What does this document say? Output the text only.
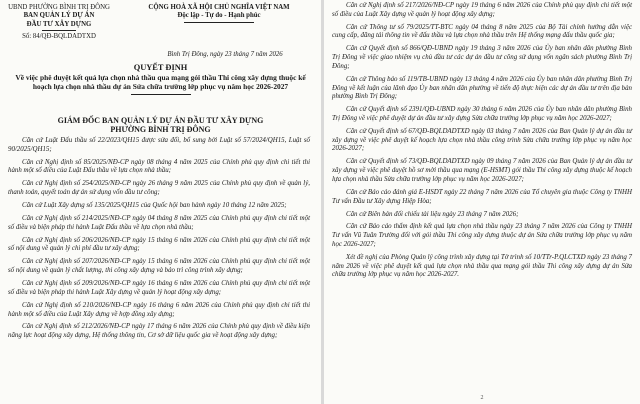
UBND PHƯỜNG BÌNH TRỊ ĐÔNG
BAN QUẢN LÝ DỰ ÁN
ĐẦU TƯ XÂY DỰNG
Số: 84/QĐ-BQLDADTXD
CỘNG HOÀ XÃ HỘI CHỦ NGHĨA VIỆT NAM
Độc lập - Tự do - Hạnh phúc
Bình Trị Đông, ngày 23 tháng 7 năm 2026
QUYẾT ĐỊNH
Về việc phê duyệt kết quả lựa chọn nhà thầu qua mạng gói thầu Thi công xây dựng thuộc kế hoạch lựa chọn nhà thầu dự án Sửa chữa trường lớp phục vụ năm học 2026-2027
GIÁM ĐỐC BAN QUẢN LÝ DỰ ÁN ĐẦU TƯ XÂY DỰNG
PHƯỜNG BÌNH TRỊ ĐÔNG

Căn cứ Luật Đấu thầu số 22/2023/QH15 được sửa đổi, bổ sung bởi Luật số 57/2024/QH15, Luật số 90/2025/QH15;

Căn cứ Nghị định số 85/2025/NĐ-CP ngày 08 tháng 4 năm 2025 của Chính phủ quy định chi tiết thi hành một số điều của Luật Đấu thầu về lựa chọn nhà thầu;

Căn cứ Nghị định số 254/2025/NĐ-CP ngày 26 tháng 9 năm 2025 của Chính phủ quy định về quản lý, thanh toán, quyết toán dự án sử dụng vốn đầu tư công;

Căn cứ Luật Xây dựng số 135/2025/QH15 của Quốc hội ban hành ngày 10 tháng 12 năm 2025;

Căn cứ Nghị định số 214/2025/NĐ-CP ngày 04 tháng 8 năm 2025 của Chính phủ quy định chi tiết một số điều và biện pháp thi hành Luật Đấu thầu về lựa chọn nhà thầu;

Căn cứ Nghị định số 206/2026/NĐ-CP ngày 15 tháng 6 năm 2026 của Chính phủ quy định chi tiết một số nội dung về quản lý chi phí đầu tư xây dựng;

Căn cứ Nghị định số 207/2026/NĐ-CP ngày 15 tháng 6 năm 2026 của Chính phủ quy định chi tiết một số nội dung về quản lý chất lượng, thi công xây dựng và bảo trì công trình xây dựng;

Căn cứ Nghị định số 209/2026/NĐ-CP ngày 16 tháng 6 năm 2026 của Chính phủ quy định chi tiết một số điều và biện pháp thi hành Luật Xây dựng về quản lý hoạt động xây dựng;

Căn cứ Nghị định số 210/2026/NĐ-CP ngày 16 tháng 6 năm 2026 của Chính phủ quy định chi tiết thi hành một số điều của Luật Xây dựng về hợp đồng xây dựng;

Căn cứ Nghị định số 212/2026/NĐ-CP ngày 17 tháng 6 năm 2026 của Chính phủ quy định về điều kiện năng lực hoạt động xây dựng, Hệ thống thông tin, Cơ sở dữ liệu quốc gia về hoạt động xây dựng;

Căn cứ Nghị định số 217/2026/NĐ-CP ngày 19 tháng 6 năm 2026 của Chính phủ quy định chi tiết một số điều của Luật Xây dựng về quản lý hoạt động xây dựng;

Căn cứ Thông tư số 79/2025/TT-BTC ngày 04 tháng 8 năm 2025 của Bộ Tài chính hướng dẫn việc cung cấp, đăng tải thông tin về đấu thầu và lựa chọn nhà thầu trên Hệ thống mạng đấu thầu quốc gia;

Căn cứ Quyết định số 866/QĐ-UBND ngày 19 tháng 3 năm 2026 của Ủy ban nhân dân phường Bình Trị Đông về việc giao nhiệm vụ chủ đầu tư các dự án đầu tư công sử dụng vốn ngân sách phường Bình Trị Đông;

Căn cứ Thông báo số 119/TB-UBND ngày 13 tháng 4 năm 2026 của Ủy ban nhân dân phường Bình Trị Đông về kết luận của lãnh đạo Ủy ban nhân dân phường về tiến độ thực hiện các dự án đầu tư trên địa bàn phường Bình Trị Đông;

Căn cứ Quyết định số 2391/QĐ-UBND ngày 30 tháng 6 năm 2026 của Ủy ban nhân dân phường Bình Trị Đông về việc phê duyệt dự án đầu tư xây dựng Sửa chữa trường lớp phục vụ năm học 2026-2027;

Căn cứ Quyết định số 67/QĐ-BQLDADTXD ngày 03 tháng 7 năm 2026 của Ban Quản lý dự án đầu tư xây dựng về việc phê duyệt kế hoạch lựa chọn nhà thầu công trình Sửa chữa trường lớp phục vụ năm học 2026-2027;

Căn cứ Quyết định số 73/QĐ-BQLDADTXD ngày 09 tháng 7 năm 2026 của Ban Quản lý dự án đầu tư xây dựng về việc phê duyệt hồ sơ mời thầu qua mạng (E-HSMT) gói thầu Thi công xây dựng thuộc kế hoạch lựa chọn nhà thầu Sửa chữa trường lớp phục vụ năm học 2026-2027;

Căn cứ Báo cáo đánh giá E-HSDT ngày 22 tháng 7 năm 2026 của Tổ chuyên gia thuộc Công ty TNHH Tư vấn Đầu tư Xây dựng Hiệp Hòa;

Căn cứ Biên bản đối chiếu tài liệu ngày 23 tháng 7 năm 2026;

Căn cứ Báo cáo thẩm định kết quả lựa chọn nhà thầu ngày 23 tháng 7 năm 2026 của Công ty TNHH Tư vấn Vũ Tuân Trường đối với gói thầu Thi công xây dựng thuộc dự án Sửa chữa trường lớp phục vụ năm học 2026-2027;

Xét đề nghị của Phòng Quản lý công trình xây dựng tại Tờ trình số 10/TTr-P.QLCTXD ngày 23 tháng 7 năm 2026 về việc phê duyệt kết quả lựa chọn nhà thầu qua mạng gói thầu Thi công xây dựng dự án Sửa chữa trường lớp phục vụ năm học 2026-2027.

2
